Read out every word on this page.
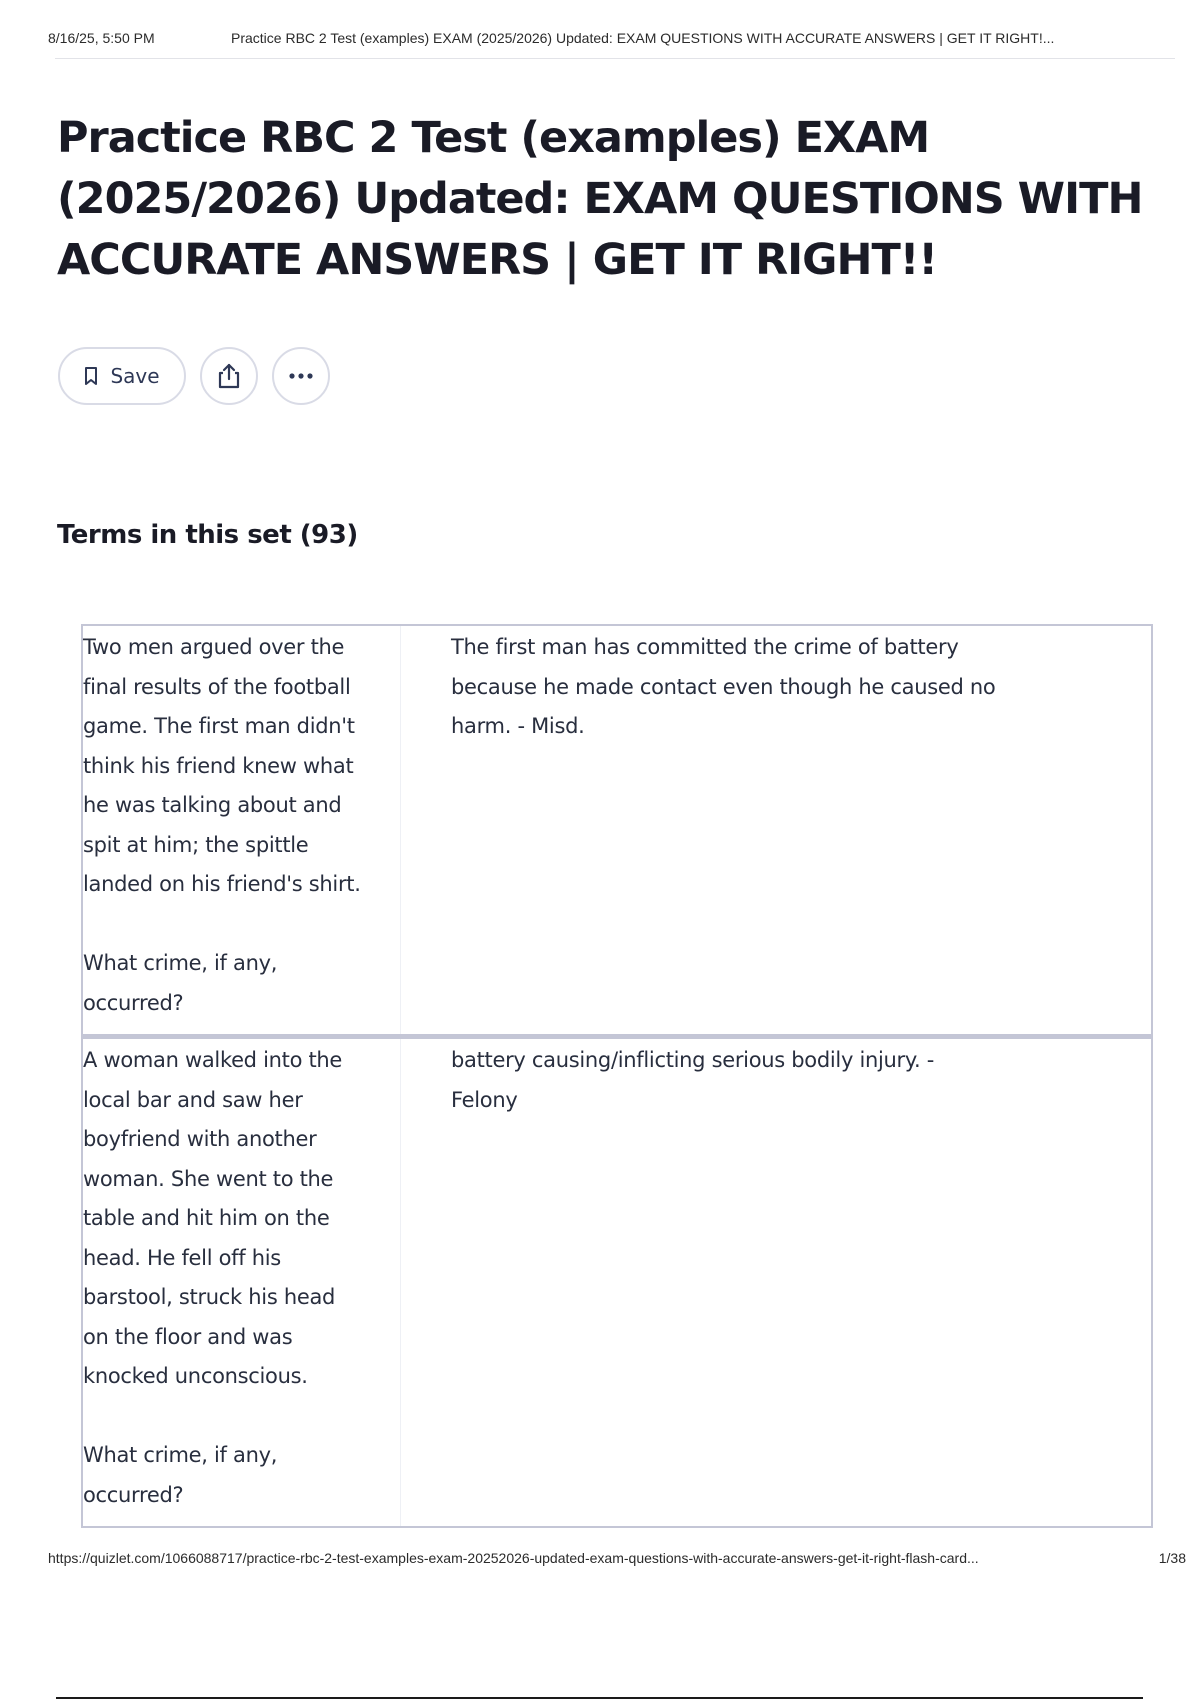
8/16/25, 5:50 PM	Practice RBC 2 Test (examples) EXAM (2025/2026) Updated: EXAM QUESTIONS WITH ACCURATE ANSWERS | GET IT RIGHT!...
Practice RBC 2 Test (examples) EXAM (2025/2026) Updated: EXAM QUESTIONS WITH ACCURATE ANSWERS | GET IT RIGHT!!
Save
Terms in this set (93)
Two men argued over the
final results of the football
game. The first man didn't
think his friend knew what
he was talking about and
spit at him; the spittle
landed on his friend's shirt.

What crime, if any,
occurred?
The first man has committed the crime of battery
because he made contact even though he caused no
harm. - Misd.
A woman walked into the
local bar and saw her
boyfriend with another
woman. She went to the
table and hit him on the
head. He fell off his
barstool, struck his head
on the floor and was
knocked unconscious.

What crime, if any,
occurred?
battery causing/inflicting serious bodily injury. -
Felony
https://quizlet.com/1066088717/practice-rbc-2-test-examples-exam-20252026-updated-exam-questions-with-accurate-answers-get-it-right-flash-card...	1/38
